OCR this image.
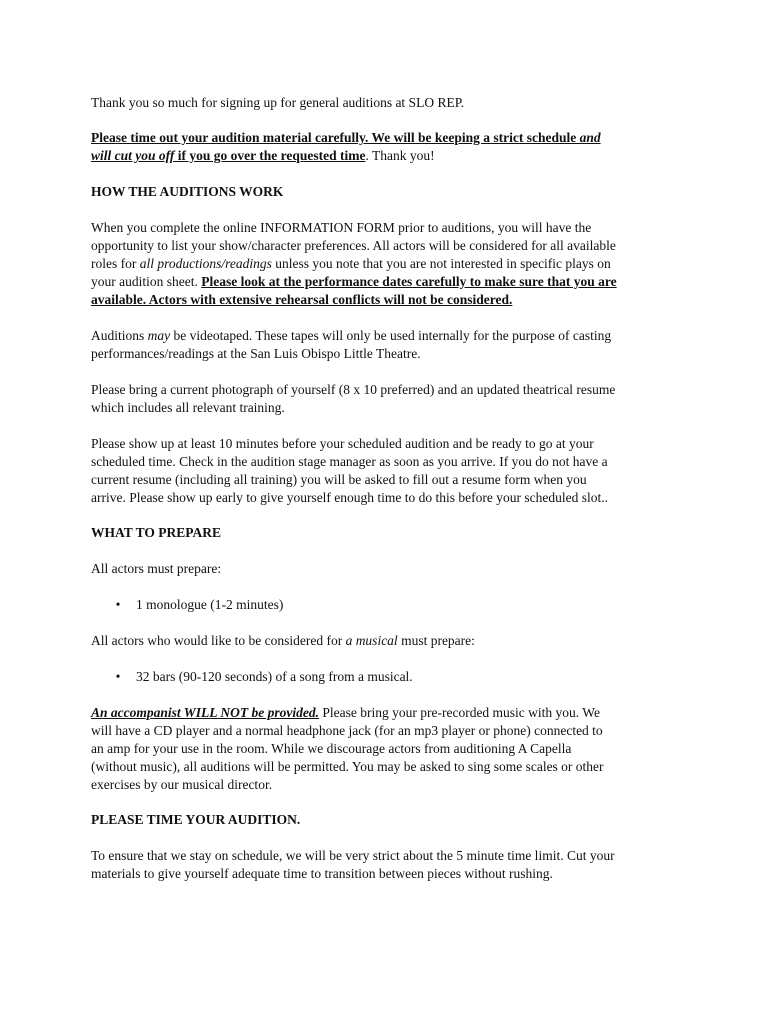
Thank you so much for signing up for general auditions at SLO REP.
Please time out your audition material carefully. We will be keeping a strict schedule and
will cut you off if you go over the requested time. Thank you!
HOW THE AUDITIONS WORK
When you complete the online INFORMATION FORM prior to auditions, you will have the
opportunity to list your show/character preferences. All actors will be considered for all available
roles for all productions/readings unless you note that you are not interested in specific plays on
your audition sheet. Please look at the performance dates carefully to make sure that you are
available. Actors with extensive rehearsal conflicts will not be considered.
Auditions may be videotaped. These tapes will only be used internally for the purpose of casting
performances/readings at the San Luis Obispo Little Theatre.
Please bring a current photograph of yourself (8 x 10 preferred) and an updated theatrical resume
which includes all relevant training.
Please show up at least 10 minutes before your scheduled audition and be ready to go at your
scheduled time. Check in the audition stage manager as soon as you arrive. If you do not have a
current resume (including all training) you will be asked to fill out a resume form when you
arrive. Please show up early to give yourself enough time to do this before your scheduled slot..
WHAT TO PREPARE
All actors must prepare:
• 1 monologue (1-2 minutes)
All actors who would like to be considered for a musical must prepare:
• 32 bars (90-120 seconds) of a song from a musical.
An accompanist WILL NOT be provided. Please bring your pre-recorded music with you. We
will have a CD player and a normal headphone jack (for an mp3 player or phone) connected to
an amp for your use in the room. While we discourage actors from auditioning A Capella
(without music), all auditions will be permitted. You may be asked to sing some scales or other
exercises by our musical director.
PLEASE TIME YOUR AUDITION.
To ensure that we stay on schedule, we will be very strict about the 5 minute time limit. Cut your
materials to give yourself adequate time to transition between pieces without rushing.
